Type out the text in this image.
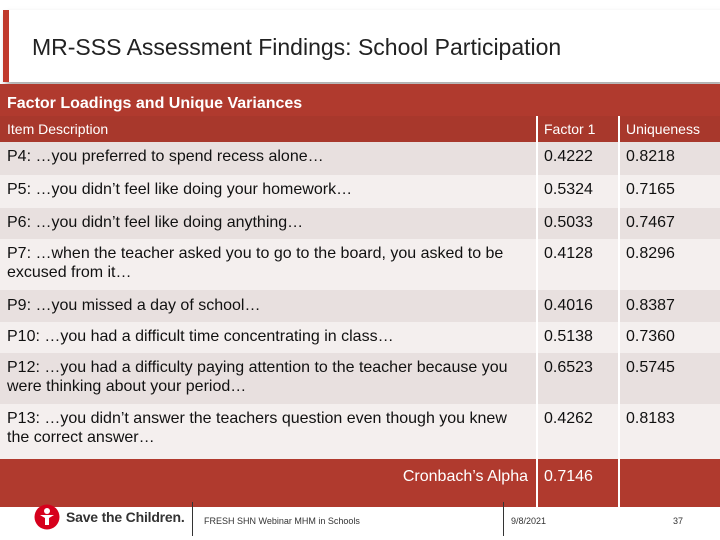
MR-SSS Assessment Findings: School Participation
Factor Loadings and Unique Variances		
Item Description	Factor 1	Uniqueness
P4: …you preferred to spend recess alone…	0.4222	0.8218
P5: …you didn’t feel like doing your homework…	0.5324	0.7165
P6: …you didn’t feel like doing anything…	0.5033	0.7467
P7: …when the teacher asked you to go to the board, you asked to be excused from it…	0.4128	0.8296
P9: …you missed a day of school…	0.4016	0.8387
P10: …you had a difficult time concentrating in class…	0.5138	0.7360
P12: …you had a difficulty paying attention to the teacher because you were thinking about your period…	0.6523	0.5745
P13: …you didn’t answer the teachers question even though you knew the correct answer…	0.4262	0.8183
Cronbach’s Alpha	0.7146	
Save the Children. FRESH SHN Webinar MHM in Schools	9/8/2021	37
